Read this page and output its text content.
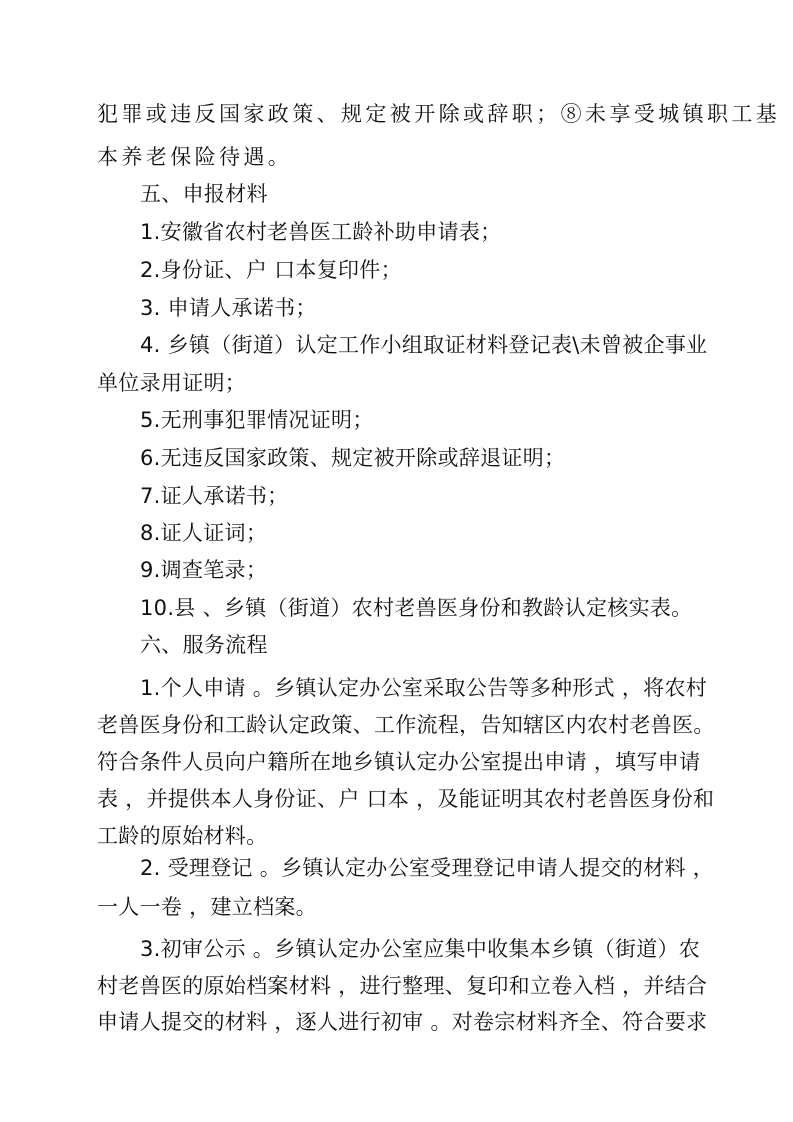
犯罪或违反国家政策、规定被开除或辞职；⑧未享受城镇职工基
本养老保险待遇。
五、申报材料
1.安徽省农村老兽医工龄补助申请表；
2.身份证、户 口本复印件；
3. 申请人承诺书；
4. 乡镇（街道）认定工作小组取证材料登记表\未曾被企事业
单位录用证明；
5.无刑事犯罪情况证明；
6.无违反国家政策、规定被开除或辞退证明；
7.证人承诺书；
8.证人证词；
9.调查笔录；
10.县 、乡镇（街道）农村老兽医身份和教龄认定核实表。
六、服务流程
1.个人申请 。乡镇认定办公室采取公告等多种形式 ，将农村
老兽医身份和工龄认定政策、工作流程，告知辖区内农村老兽医。
符合条件人员向户籍所在地乡镇认定办公室提出申请 ，填写申请
表 ，并提供本人身份证、户 口本 ，及能证明其农村老兽医身份和
工龄的原始材料。
2. 受理登记 。乡镇认定办公室受理登记申请人提交的材料 ，
一人一卷 ，建立档案。
3.初审公示 。乡镇认定办公室应集中收集本乡镇（街道）农
村老兽医的原始档案材料 ，进行整理、复印和立卷入档 ，并结合
申请人提交的材料 ，逐人进行初审 。对卷宗材料齐全、符合要求
